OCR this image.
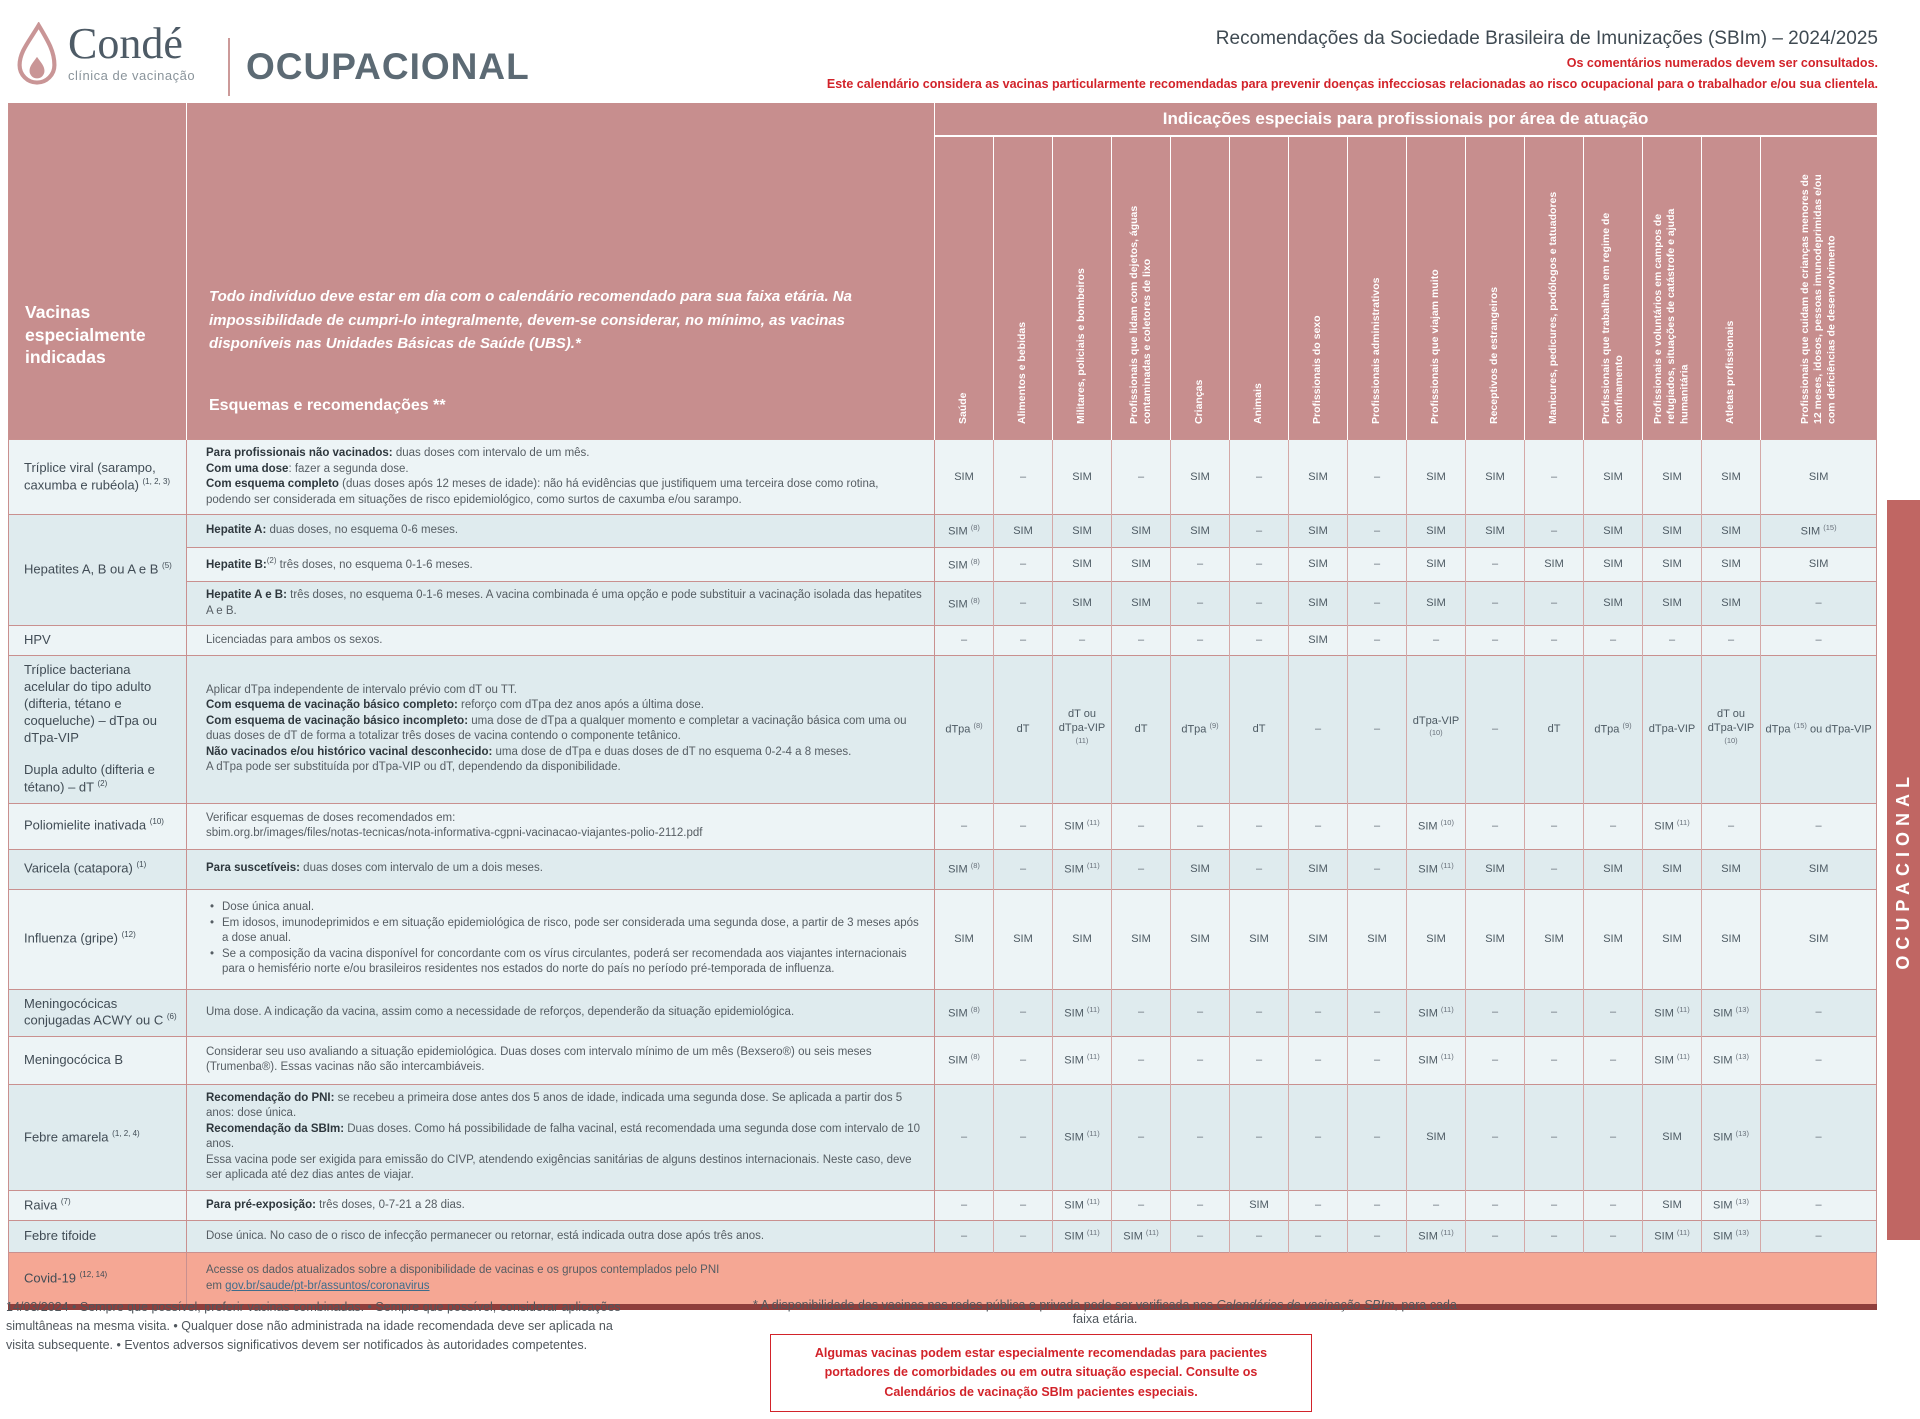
Condé
clínica de vacinação OCUPACIONAL
Recomendações da Sociedade Brasileira de Imunizações (SBIm) – 2024/2025
Os comentários numerados devem ser consultados.
Este calendário considera as vacinas particularmente recomendadas para prevenir doenças infecciosas relacionadas ao risco ocupacional para o trabalhador e/ou sua clientela.
Vacinas especialmente indicadas	Todo indivíduo deve estar em dia com o calendário recomendado para sua faixa etária. Na impossibilidade de cumpri-lo integralmente, devem-se considerar, no mínimo, as vacinas disponíveis nas Unidades Básicas de Saúde (UBS).*
Esquemas e recomendações **	Indicações especiais para profissionais por área de atuação														
		Saúde	Alimentos e bebidas	Militares, policiais e bombeiros	Profissionais que lidam com dejetos, águas contaminadas e coletores de lixo	Crianças	Animais	Profissionais do sexo	Profissionais administrativos	Profissionais que viajam muito	Receptivos de estrangeiros	Manicures, pedicures, podólogos e tatuadores	Profissionais que trabalham em regime de confinamento	Profissionais e voluntários em campos de refugiados, situações de catástrofe e ajuda humanitária	Atletas profissionais	Profissionais que cuidam de crianças menores de 12 meses, idosos, pessoas imunodeprimidas e/ou com deficiências de desenvolvimento

Tríplice viral (sarampo, caxumba e rubéola) $^{(1, 2, 3)}$	Para profissionais não vacinados: duas doses com intervalo de um mês.
Com uma dose: fazer a segunda dose.
Com esquema completo (duas doses após 12 meses de idade): não há evidências que justifiquem uma terceira dose como rotina, podendo ser considerada em situações de risco epidemiológico, como surtos de caxumba e/ou sarampo.	SIM	–	SIM	–	SIM	–	SIM	–	SIM	SIM	–	SIM	SIM	SIM	SIM

Hepatites A, B ou A e B $^{(5)}$	Hepatite A: duas doses, no esquema 0-6 meses.	SIM $^{(8)}$	SIM	SIM	SIM	SIM	–	SIM	–	SIM	SIM	–	SIM	SIM	SIM	SIM $^{(15)}$

	Hepatite B:$^{(2)}$ três doses, no esquema 0-1-6 meses.	SIM $^{(8)}$	–	SIM	SIM	–	–	SIM	–	SIM	–	SIM	SIM	SIM	SIM	SIM

	Hepatite A e B: três doses, no esquema 0-1-6 meses. A vacina combinada é uma opção e pode substituir a vacinação isolada das hepatites A e B.	SIM $^{(8)}$	–	SIM	SIM	–	–	SIM	–	SIM	–	–	SIM	SIM	SIM	–

HPV	Licenciadas para ambos os sexos.	–	–	–	–	–	–	SIM	–	–	–	–	–	–	–	–

Tríplice bacteriana acelular do tipo adulto (difteria, tétano e coqueluche) – dTpa ou dTpa-VIP
Dupla adulto (difteria e tétano) – dT $^{(2)}$

Aplicar dTpa independente de intervalo prévio com dT ou TT.
Com esquema de vacinação básico completo: reforço com dTpa dez anos após a última dose.
Com esquema de vacinação básico incompleto: uma dose de dTpa a qualquer momento e completar a vacinação básica com uma ou duas doses de dT de forma a totalizar três doses de vacina contendo o componente tetânico.
Não vacinados e/ou histórico vacinal desconhecido: uma dose de dTpa e duas doses de dT no esquema 0-2-4 a 8 meses.
A dTpa pode ser substituída por dTpa-VIP ou dT, dependendo da disponibilidade.
	dTpa $^{(8)}$	dT	dT ou dTpa-VIP $^{(11)}$	dT	dTpa $^{(9)}$	dT	–	–	dTpa-VIP $^{(10)}$	–	dT	dTpa $^{(9)}$	dTpa-VIP	dT ou dTpa-VIP $^{(10)}$	dTpa $^{(15)}$ ou dTpa-VIP

Poliomielite inativada $^{(10)}$	Verificar esquemas de doses recomendados em:
sbim.org.br/images/files/notas-tecnicas/nota-informativa-cgpni-vacinacao-viajantes-polio-2112.pdf	–	–	SIM $^{(11)}$	–	–	–	–	–	SIM $^{(10)}$	–	–	–	SIM $^{(11)}$	–	–

Varicela (catapora) $^{(1)}$	Para suscetíveis: duas doses com intervalo de um a dois meses.	SIM $^{(8)}$	–	SIM $^{(11)}$	–	SIM	–	SIM	–	SIM $^{(11)}$	SIM	–	SIM	SIM	SIM	SIM

Influenza (gripe) $^{(12)}$	• Dose única anual.
• Em idosos, imunodeprimidos e em situação epidemiológica de risco, pode ser considerada uma segunda dose, a partir de 3 meses após a dose anual.
• Se a composição da vacina disponível for concordante com os vírus circulantes, poderá ser recomendada aos viajantes internacionais para o hemisfério norte e/ou brasileiros residentes nos estados do norte do país no período pré-temporada de influenza.	SIM	SIM	SIM	SIM	SIM	SIM	SIM	SIM	SIM	SIM	SIM	SIM	SIM	SIM	SIM

Meningocócicas conjugadas ACWY ou C $^{(6)}$	Uma dose. A indicação da vacina, assim como a necessidade de reforços, dependerão da situação epidemiológica.	SIM $^{(8)}$	–	SIM $^{(11)}$	–	–	–	–	–	SIM $^{(11)}$	–	–	–	SIM $^{(11)}$	SIM $^{(13)}$	–

Meningocócica B	Considerar seu uso avaliando a situação epidemiológica. Duas doses com intervalo mínimo de um mês (Bexsero®) ou seis meses (Trumenba®). Essas vacinas não são intercambiáveis.	SIM $^{(8)}$	–	SIM $^{(11)}$	–	–	–	–	–	SIM $^{(11)}$	–	–	–	SIM $^{(11)}$	SIM $^{(13)}$	–

Febre amarela $^{(1, 2, 4)}$	Recomendação do PNI: se recebeu a primeira dose antes dos 5 anos de idade, indicada uma segunda dose. Se aplicada a partir dos 5 anos: dose única.
Recomendação da SBIm: Duas doses. Como há possibilidade de falha vacinal, está recomendada uma segunda dose com intervalo de 10 anos.
Essa vacina pode ser exigida para emissão do CIVP, atendendo exigências sanitárias de alguns destinos internacionais. Neste caso, deve ser aplicada até dez dias antes de viajar.	–	–	SIM $^{(11)}$	–	–	–	–	–	SIM	–	–	–	SIM	SIM $^{(13)}$	–

Raiva $^{(7)}$	Para pré-exposição: três doses, 0-7-21 a 28 dias.	–	–	SIM $^{(11)}$	–	–	SIM	–	–	–	–	–	–	SIM	SIM $^{(13)}$	–

Febre tifoide	Dose única. No caso de o risco de infecção permanecer ou retornar, está indicada outra dose após três anos.	–	–	SIM $^{(11)}$	SIM $^{(11)}$	–	–	–	–	SIM $^{(11)}$	–	–	–	SIM $^{(11)}$	SIM $^{(13)}$	–

Covid-19 $^{(12, 14)}$	Acesse os dados atualizados sobre a disponibilidade de vacinas e os grupos contemplados pelo PNI
em gov.br/saude/pt-br/assuntos/coronavirus															
OCUPACIONAL
14/03/2024 • Sempre que possível, preferir vacinas combinadas. • Sempre que possível, considerar aplicações simultâneas na mesma visita. • Qualquer dose não administrada na idade recomendada deve ser aplicada na visita subsequente. • Eventos adversos significativos devem ser notificados às autoridades competentes.
* A disponibilidade das vacinas nas redes pública e privada pode ser verificada nos Calendários de vacinação SBIm, para cada faixa etária.
Algumas vacinas podem estar especialmente recomendadas para pacientes portadores de comorbidades ou em outra situação especial. Consulte os Calendários de vacinação SBIm pacientes especiais.
